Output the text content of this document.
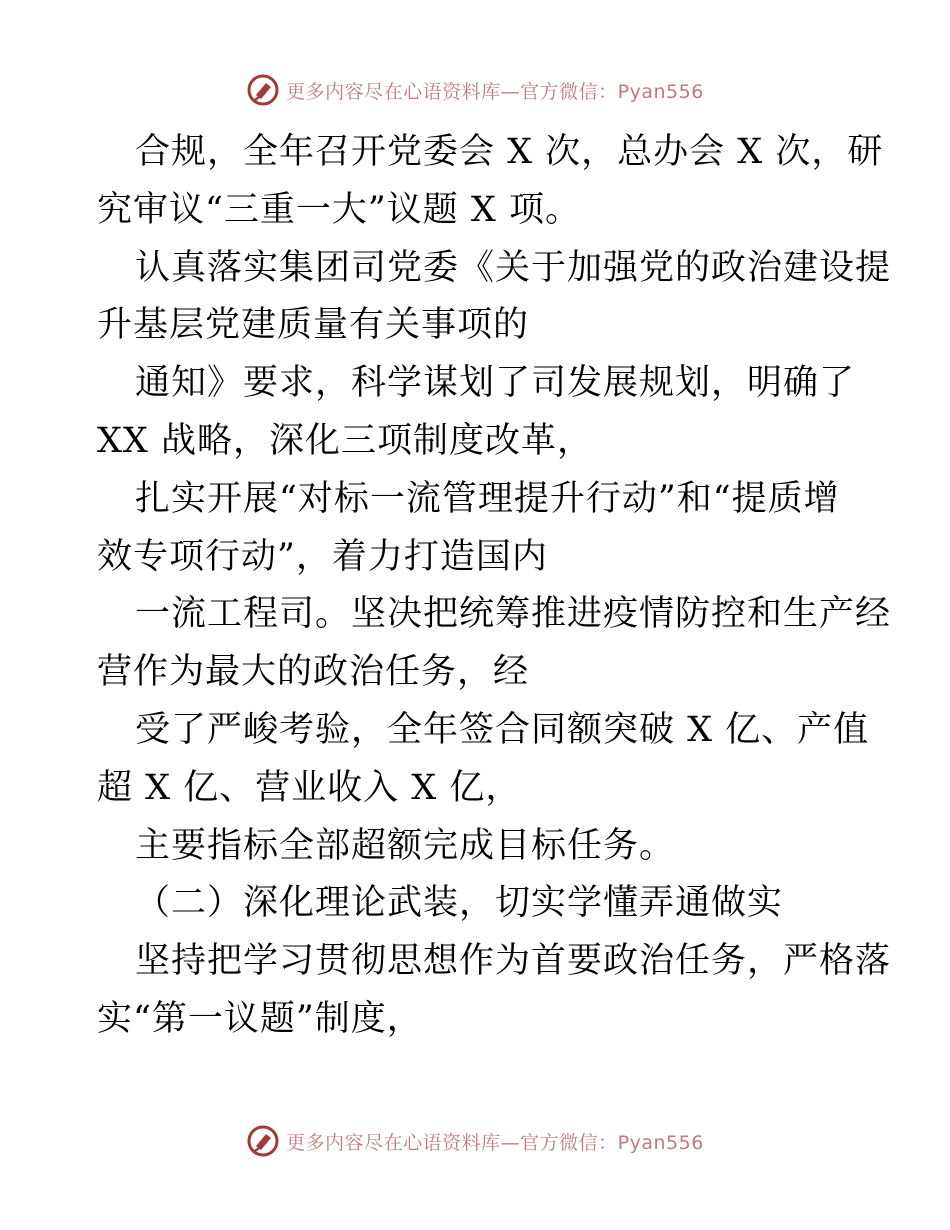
更多内容尽在心语资料库—官方微信：Pyan556
合规，全年召开党委会 X 次，总办会 X 次，研
究审议“三重一大”议题 X 项。
认真落实集团司党委《关于加强党的政治建设提
升基层党建质量有关事项的
通知》要求，科学谋划了司发展规划，明确了
XX 战略，深化三项制度改革，
扎实开展“对标一流管理提升行动”和“提质增
效专项行动”，着力打造国内
一流工程司。坚决把统筹推进疫情防控和生产经
营作为最大的政治任务，经
受了严峻考验，全年签合同额突破 X 亿、产值
超 X 亿、营业收入 X 亿，
主要指标全部超额完成目标任务。
（二）深化理论武装，切实学懂弄通做实
坚持把学习贯彻思想作为首要政治任务，严格落
实“第一议题”制度，
更多内容尽在心语资料库—官方微信：Pyan556
